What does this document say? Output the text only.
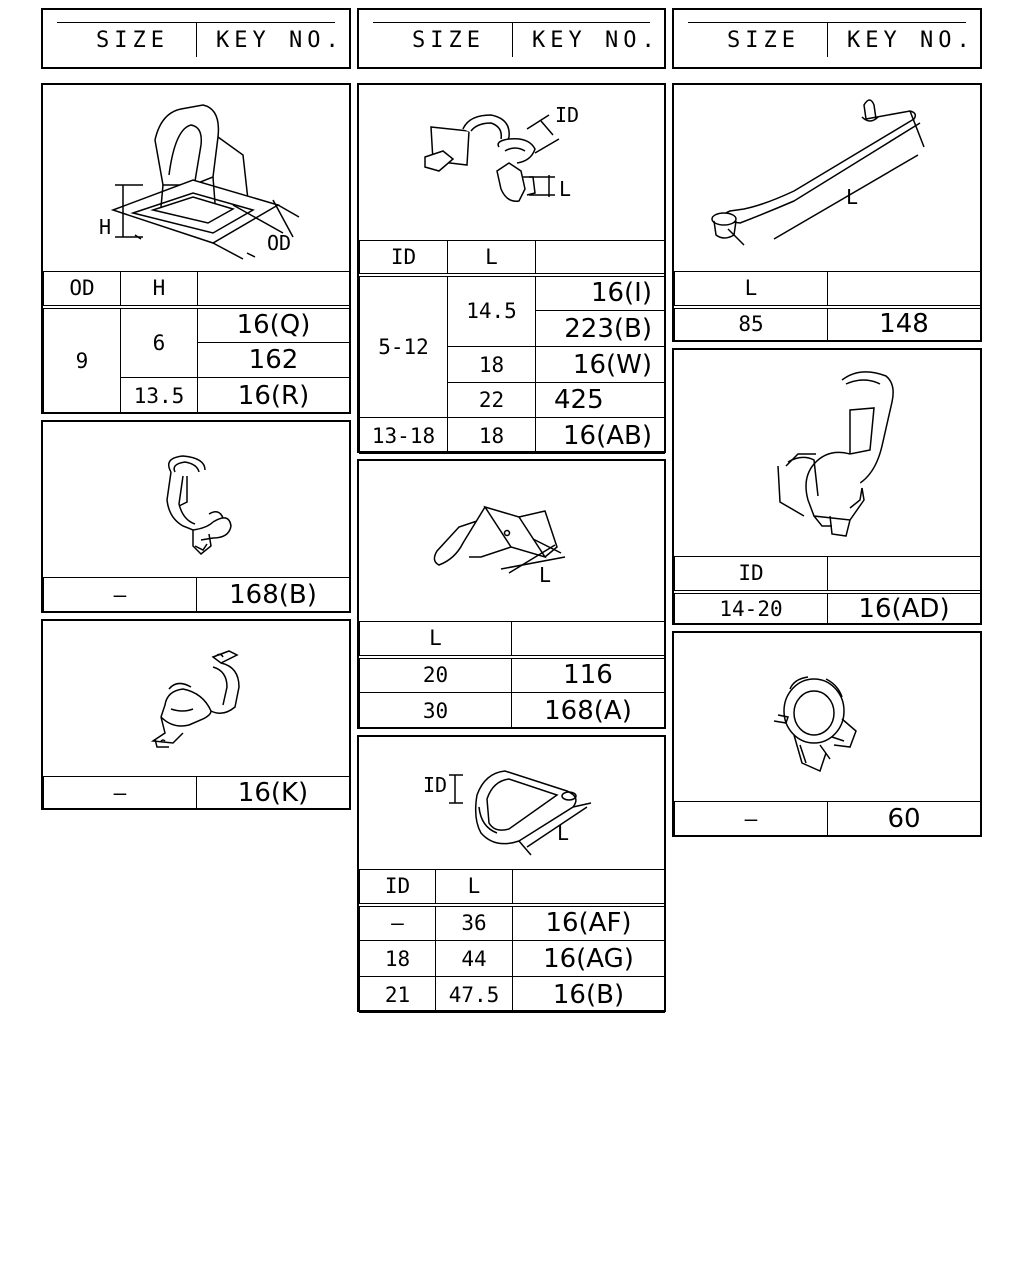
SIZE KEY NO.	SIZE KEY NO.	SIZE KEY NO.
H
OD
OD	H	
9	6	16(Q)
		162
	13.5	16(R)
—	168(B)
—	16(K)
ID
L
ID	L	
5-12	14.5	16(I)
		223(B)
	18	16(W)
	22	425
13-18	18	16(AB)
L
L	
20	116
30	168(A)
ID
L
ID	L	
—	36	16(AF)
18	44	16(AG)
21	47.5	16(B)
L
L	
85	148
ID	
14-20	16(AD)
—	60
